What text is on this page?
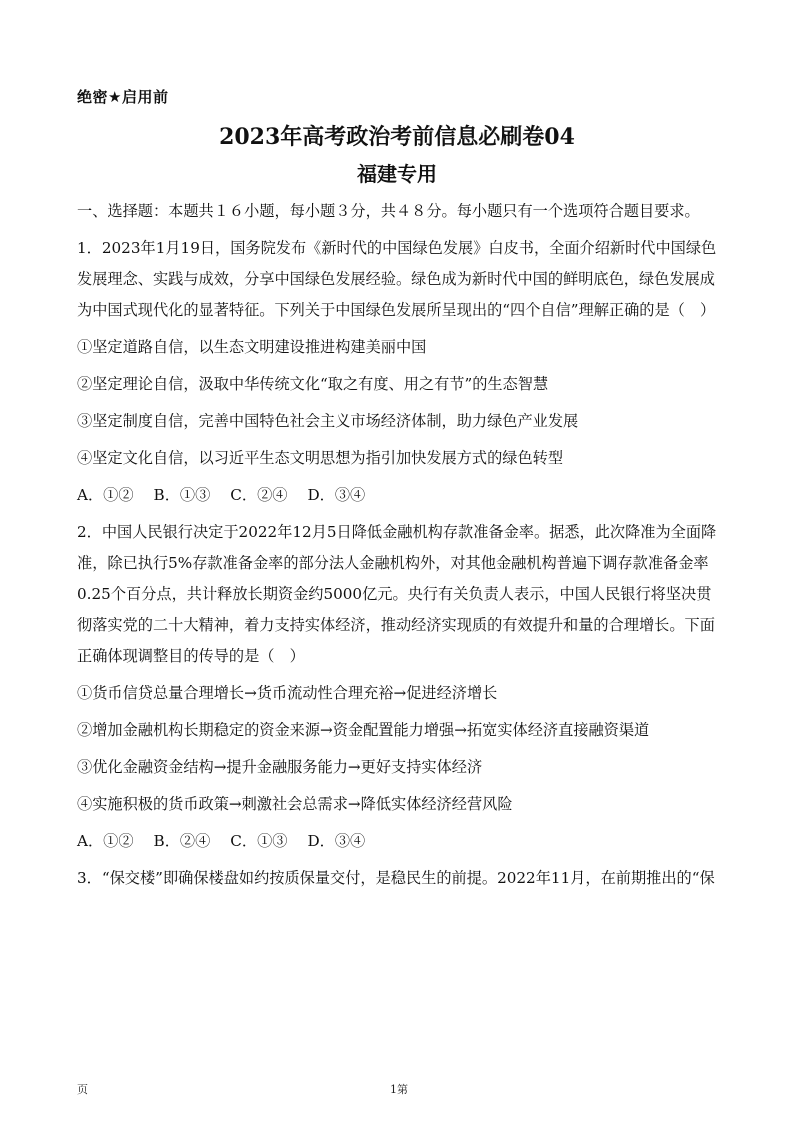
绝密★启用前
2023年高考政治考前信息必刷卷04
福建专用

一、选择题：本题共１６小题，每小题３分，共４８分。每小题只有一个选项符合题目要求。

1．2023年1月19日，国务院发布《新时代的中国绿色发展》白皮书，全面介绍新时代中国绿色发展理念、实践与成效，分享中国绿色发展经验。绿色成为新时代中国的鲜明底色，绿色发展成为中国式现代化的显著特征。下列关于中国绿色发展所呈现出的“四个自信”理解正确的是（　）

①坚定道路自信，以生态文明建设推进构建美丽中国
②坚定理论自信，汲取中华传统文化“取之有度、用之有节”的生态智慧
③坚定制度自信，完善中国特色社会主义市场经济体制，助力绿色产业发展
④坚定文化自信，以习近平生态文明思想为指引加快发展方式的绿色转型
A．①②　 B．①③　 C．②④　 D．③④

2．中国人民银行决定于2022年12月5日降低金融机构存款准备金率。据悉，此次降准为全面降准，除已执行5%存款准备金率的部分法人金融机构外，对其他金融机构普遍下调存款准备金率0.25个百分点，共计释放长期资金约5000亿元。央行有关负责人表示，中国人民银行将坚决贯彻落实党的二十大精神，着力支持实体经济，推动经济实现质的有效提升和量的合理增长。下面正确体现调整目的传导的是（　）

①货币信贷总量合理增长→货币流动性合理充裕→促进经济增长
②增加金融机构长期稳定的资金来源→资金配置能力增强→拓宽实体经济直接融资渠道
③优化金融资金结构→提升金融服务能力→更好支持实体经济
④实施积极的货币政策→刺激社会总需求→降低实体经济经营风险
A．①②　 B．②④　 C．①③　 D．③④

3．“保交楼”即确保楼盘如约按质保量交付，是稳民生的前提。2022年11月，在前期推出的“保

页	1第
